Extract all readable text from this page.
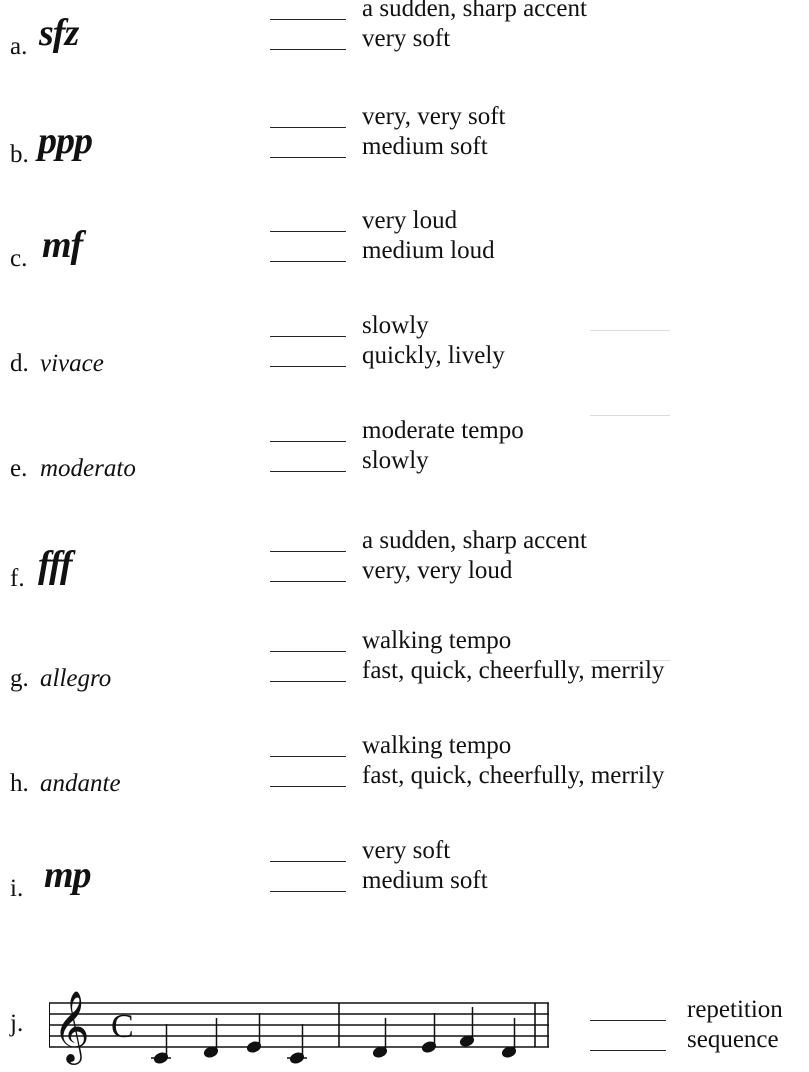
a. sfz
a sudden, sharp accent
very soft
b. ppp
very, very soft
medium soft
c. mf
very loud
medium loud
d. vivace
slowly
quickly, lively
e. moderato
moderate tempo
slowly
f. fff
a sudden, sharp accent
very, very loud
g. allegro
walking tempo
fast, quick, cheerfully, merrily
h. andante
walking tempo
fast, quick, cheerfully, merrily
i. mp
very soft
medium soft
j. 𝄞 C	repetition
sequence
